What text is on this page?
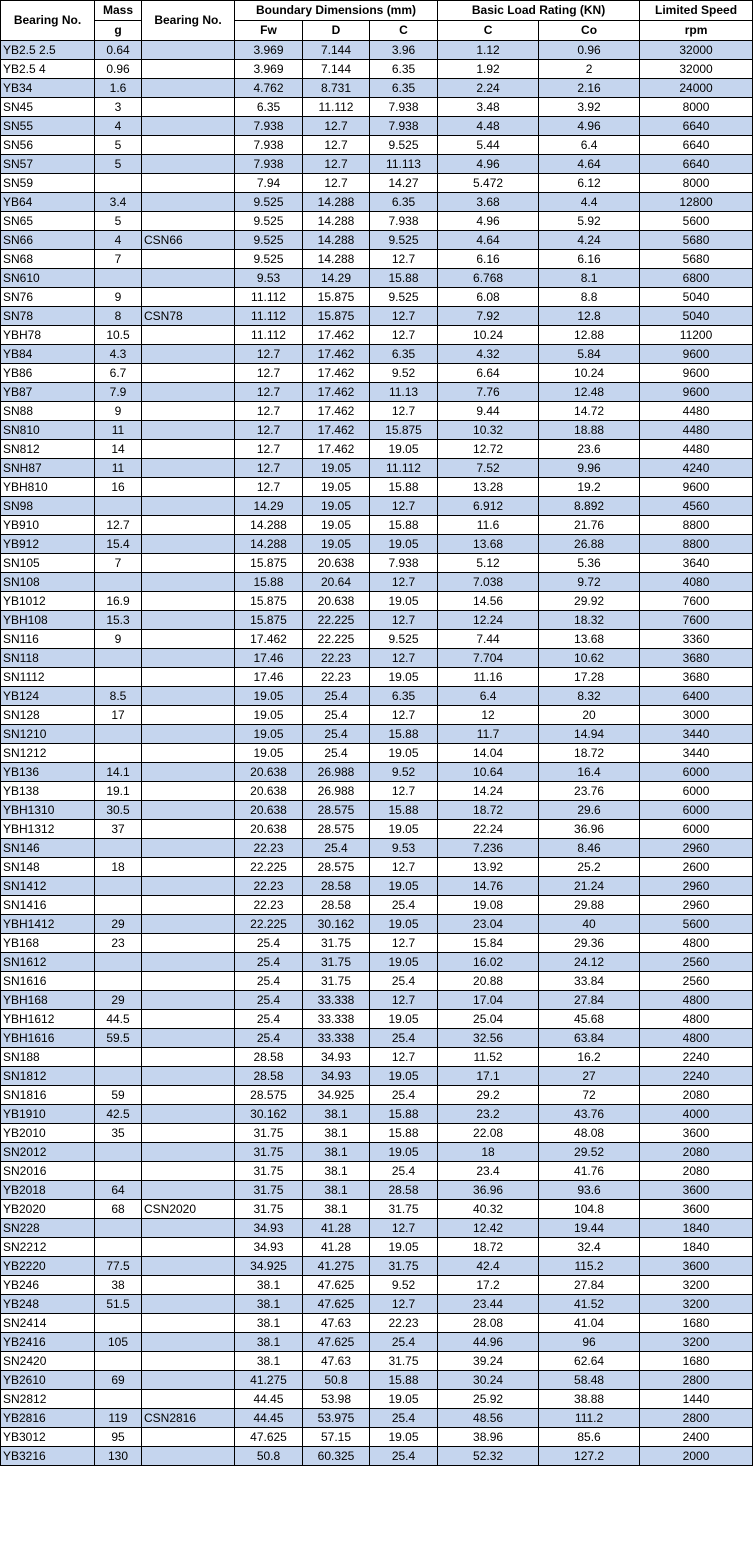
Bearing No.	Mass	Bearing No.	Boundary Dimensions (mm)			Basic Load Rating (KN)		Limited Speed
	g		Fw	D	C	C	Co	rpm
YB2.5 2.5	0.64		3.969	7.144	3.96	1.12	0.96	32000
YB2.5 4	0.96		3.969	7.144	6.35	1.92	2	32000
YB34	1.6		4.762	8.731	6.35	2.24	2.16	24000
SN45	3		6.35	11.112	7.938	3.48	3.92	8000
SN55	4		7.938	12.7	7.938	4.48	4.96	6640
SN56	5		7.938	12.7	9.525	5.44	6.4	6640
SN57	5		7.938	12.7	11.113	4.96	4.64	6640
SN59			7.94	12.7	14.27	5.472	6.12	8000
YB64	3.4		9.525	14.288	6.35	3.68	4.4	12800
SN65	5		9.525	14.288	7.938	4.96	5.92	5600
SN66	4	CSN66	9.525	14.288	9.525	4.64	4.24	5680
SN68	7		9.525	14.288	12.7	6.16	6.16	5680
SN610			9.53	14.29	15.88	6.768	8.1	6800
SN76	9		11.112	15.875	9.525	6.08	8.8	5040
SN78	8	CSN78	11.112	15.875	12.7	7.92	12.8	5040
YBH78	10.5		11.112	17.462	12.7	10.24	12.88	11200
YB84	4.3		12.7	17.462	6.35	4.32	5.84	9600
YB86	6.7		12.7	17.462	9.52	6.64	10.24	9600
YB87	7.9		12.7	17.462	11.13	7.76	12.48	9600
SN88	9		12.7	17.462	12.7	9.44	14.72	4480
SN810	11		12.7	17.462	15.875	10.32	18.88	4480
SN812	14		12.7	17.462	19.05	12.72	23.6	4480
SNH87	11		12.7	19.05	11.112	7.52	9.96	4240
YBH810	16		12.7	19.05	15.88	13.28	19.2	9600
SN98			14.29	19.05	12.7	6.912	8.892	4560
YB910	12.7		14.288	19.05	15.88	11.6	21.76	8800
YB912	15.4		14.288	19.05	19.05	13.68	26.88	8800
SN105	7		15.875	20.638	7.938	5.12	5.36	3640
SN108			15.88	20.64	12.7	7.038	9.72	4080
YB1012	16.9		15.875	20.638	19.05	14.56	29.92	7600
YBH108	15.3		15.875	22.225	12.7	12.24	18.32	7600
SN116	9		17.462	22.225	9.525	7.44	13.68	3360
SN118			17.46	22.23	12.7	7.704	10.62	3680
SN1112			17.46	22.23	19.05	11.16	17.28	3680
YB124	8.5		19.05	25.4	6.35	6.4	8.32	6400
SN128	17		19.05	25.4	12.7	12	20	3000
SN1210			19.05	25.4	15.88	11.7	14.94	3440
SN1212			19.05	25.4	19.05	14.04	18.72	3440
YB136	14.1		20.638	26.988	9.52	10.64	16.4	6000
YB138	19.1		20.638	26.988	12.7	14.24	23.76	6000
YBH1310	30.5		20.638	28.575	15.88	18.72	29.6	6000
YBH1312	37		20.638	28.575	19.05	22.24	36.96	6000
SN146			22.23	25.4	9.53	7.236	8.46	2960
SN148	18		22.225	28.575	12.7	13.92	25.2	2600
SN1412			22.23	28.58	19.05	14.76	21.24	2960
SN1416			22.23	28.58	25.4	19.08	29.88	2960
YBH1412	29		22.225	30.162	19.05	23.04	40	5600
YB168	23		25.4	31.75	12.7	15.84	29.36	4800
SN1612			25.4	31.75	19.05	16.02	24.12	2560
SN1616			25.4	31.75	25.4	20.88	33.84	2560
YBH168	29		25.4	33.338	12.7	17.04	27.84	4800
YBH1612	44.5		25.4	33.338	19.05	25.04	45.68	4800
YBH1616	59.5		25.4	33.338	25.4	32.56	63.84	4800
SN188			28.58	34.93	12.7	11.52	16.2	2240
SN1812			28.58	34.93	19.05	17.1	27	2240
SN1816	59		28.575	34.925	25.4	29.2	72	2080
YB1910	42.5		30.162	38.1	15.88	23.2	43.76	4000
YB2010	35		31.75	38.1	15.88	22.08	48.08	3600
SN2012			31.75	38.1	19.05	18	29.52	2080
SN2016			31.75	38.1	25.4	23.4	41.76	2080
YB2018	64		31.75	38.1	28.58	36.96	93.6	3600
YB2020	68	CSN2020	31.75	38.1	31.75	40.32	104.8	3600
SN228			34.93	41.28	12.7	12.42	19.44	1840
SN2212			34.93	41.28	19.05	18.72	32.4	1840
YB2220	77.5		34.925	41.275	31.75	42.4	115.2	3600
YB246	38		38.1	47.625	9.52	17.2	27.84	3200
YB248	51.5		38.1	47.625	12.7	23.44	41.52	3200
SN2414			38.1	47.63	22.23	28.08	41.04	1680
YB2416	105		38.1	47.625	25.4	44.96	96	3200
SN2420			38.1	47.63	31.75	39.24	62.64	1680
YB2610	69		41.275	50.8	15.88	30.24	58.48	2800
SN2812			44.45	53.98	19.05	25.92	38.88	1440
YB2816	119	CSN2816	44.45	53.975	25.4	48.56	111.2	2800
YB3012	95		47.625	57.15	19.05	38.96	85.6	2400
YB3216	130		50.8	60.325	25.4	52.32	127.2	2000
